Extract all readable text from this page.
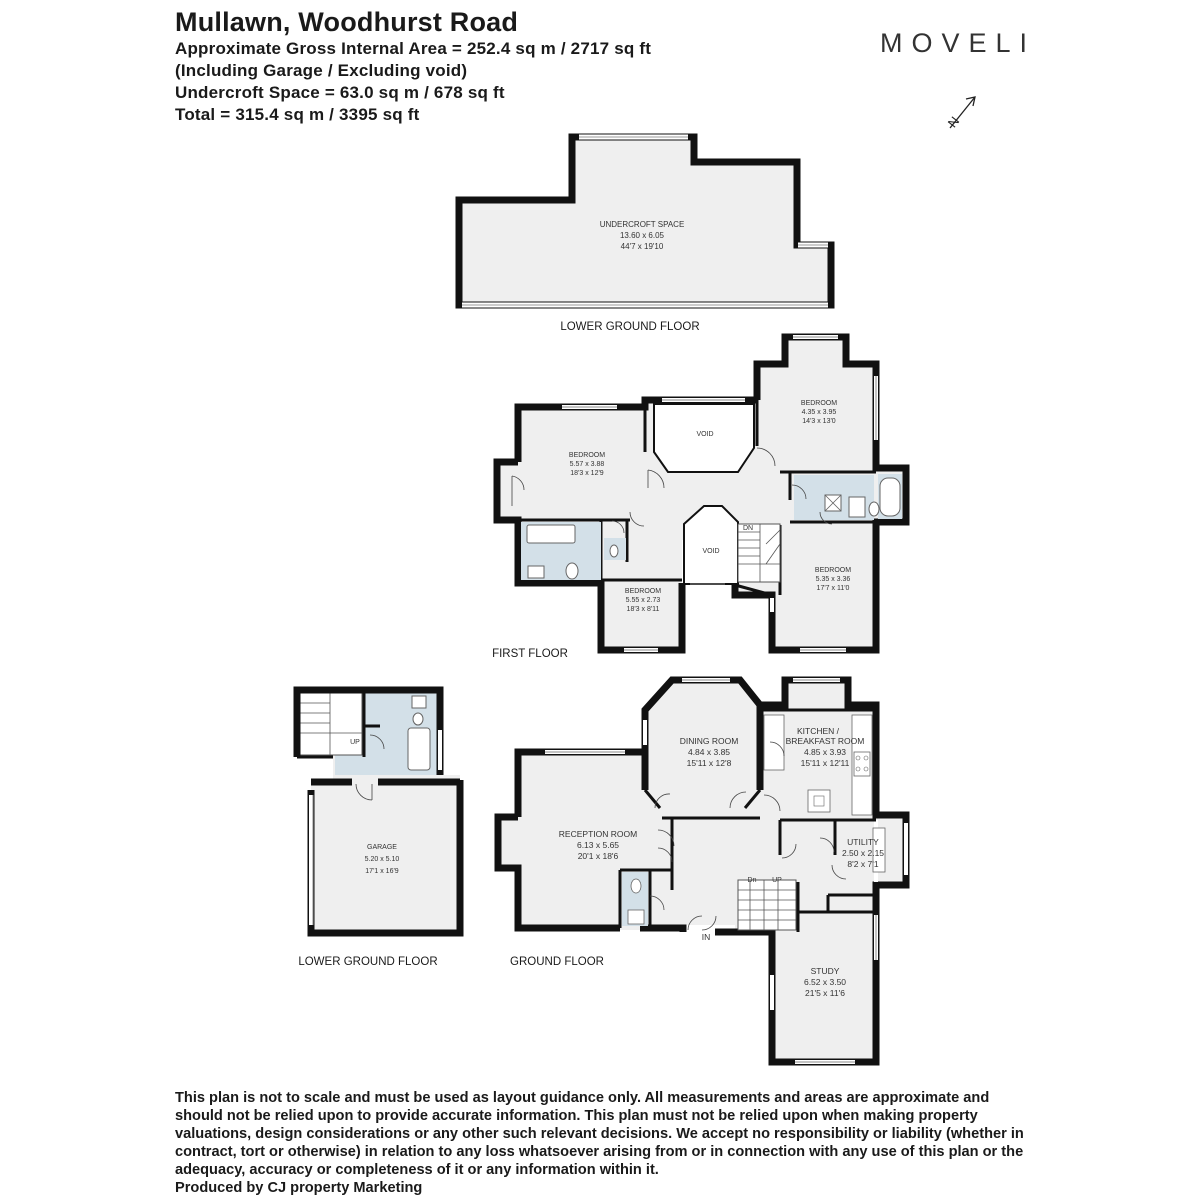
Mullawn, Woodhurst Road
Approximate Gross Internal Area = 252.4 sq m / 2717 sq ft
(Including Garage / Excluding void)
Undercroft Space = 63.0 sq m / 678 sq ft
Total = 315.4 sq m / 3395 sq ft
MOVELI
N
UNDERCROFT SPACE
13.60 x 6.05
44'7 x 19'10
LOWER GROUND FLOOR
VOID
VOID
DN
BEDROOM
5.57 x 3.88
18'3 x 12'9
BEDROOM
4.35 x 3.95
14'3 x 13'0
BEDROOM
5.55 x 2.73
18'3 x 8'11
BEDROOM
5.35 x 3.36
17'7 x 11'0
FIRST FLOOR
UP
GARAGE
5.20 x 5.10
17'1 x 16'9
LOWER GROUND FLOOR
Dn UP
DINING ROOM
4.84 x 3.85
15'11 x 12'8
KITCHEN /
BREAKFAST ROOM
4.85 x 3.93
15'11 x 12'11
RECEPTION ROOM
6.13 x 5.65
20'1 x 18'6
UTILITY
2.50 x 2.15
8'2 x 7'1
STUDY
6.52 x 3.50
21'5 x 11'6
IN
GROUND FLOOR
This plan is not to scale and must be used as layout guidance only. All measurements and areas are approximate and should not be relied upon to provide accurate information. This plan must not be relied upon when making property valuations, design considerations or any other such relevant decisions. We accept no responsibility or liability (whether in contract, tort or otherwise) in relation to any loss whatsoever arising from or in connection with any use of this plan or the adequacy, accuracy or completeness of it or any information within it.
Produced by CJ property Marketing
